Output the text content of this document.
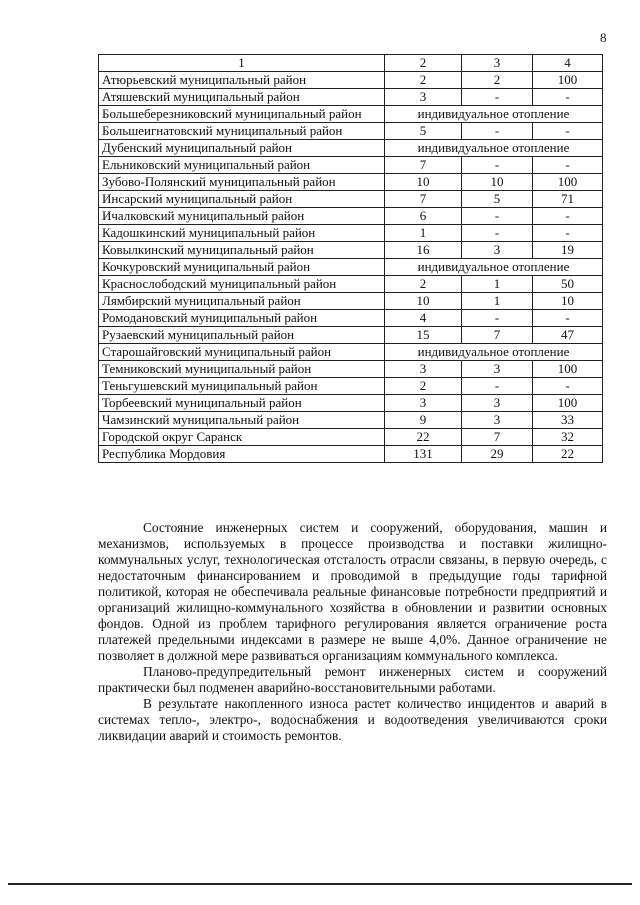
8
1	2	3	4
Атюрьевский муниципальный район	2	2	100
Атяшевский муниципальный район	3	-	-
Большеберезниковский муниципальный район	индивидуальное отопление		
Большеигнатовский муниципальный район	5	-	-
Дубенский муниципальный район	индивидуальное отопление		
Ельниковский муниципальный район	7	-	-
Зубово-Полянский муниципальный район	10	10	100
Инсарский муниципальный район	7	5	71
Ичалковский муниципальный район	6	-	-
Кадошкинский муниципальный район	1	-	-
Ковылкинский муниципальный район	16	3	19
Кочкуровский муниципальный район	индивидуальное отопление		
Краснослободский муниципальный район	2	1	50
Лямбирский муниципальный район	10	1	10
Ромодановский муниципальный район	4	-	-
Рузаевский муниципальный район	15	7	47
Старошайговский муниципальный район	индивидуальное отопление		
Темниковский муниципальный район	3	3	100
Теньгушевский муниципальный район	2	-	-
Торбеевский муниципальный район	3	3	100
Чамзинский муниципальный район	9	3	33
Городской округ Саранск	22	7	32
Республика Мордовия	131	29	22

Состояние инженерных систем и сооружений, оборудования, машин и механизмов, используемых в процессе производства и поставки жилищно-коммунальных услуг, технологическая отсталость отрасли связаны, в первую очередь, с недостаточным финансированием и проводимой в предыдущие годы тарифной политикой, которая не обеспечивала реальные финансовые потребности предприятий и организаций жилищно-коммунального хозяйства в обновлении и развитии основных фондов. Одной из проблем тарифного регулирования является ограничение роста платежей предельными индексами в размере не выше 4,0%. Данное ограничение не позволяет в должной мере развиваться организациям коммунального комплекса.

Планово-предупредительный ремонт инженерных систем и сооружений практически был подменен аварийно-восстановительными работами.

В результате накопленного износа растет количество инцидентов и аварий в системах тепло-, электро-, водоснабжения и водоотведения увеличиваются сроки ликвидации аварий и стоимость ремонтов.
